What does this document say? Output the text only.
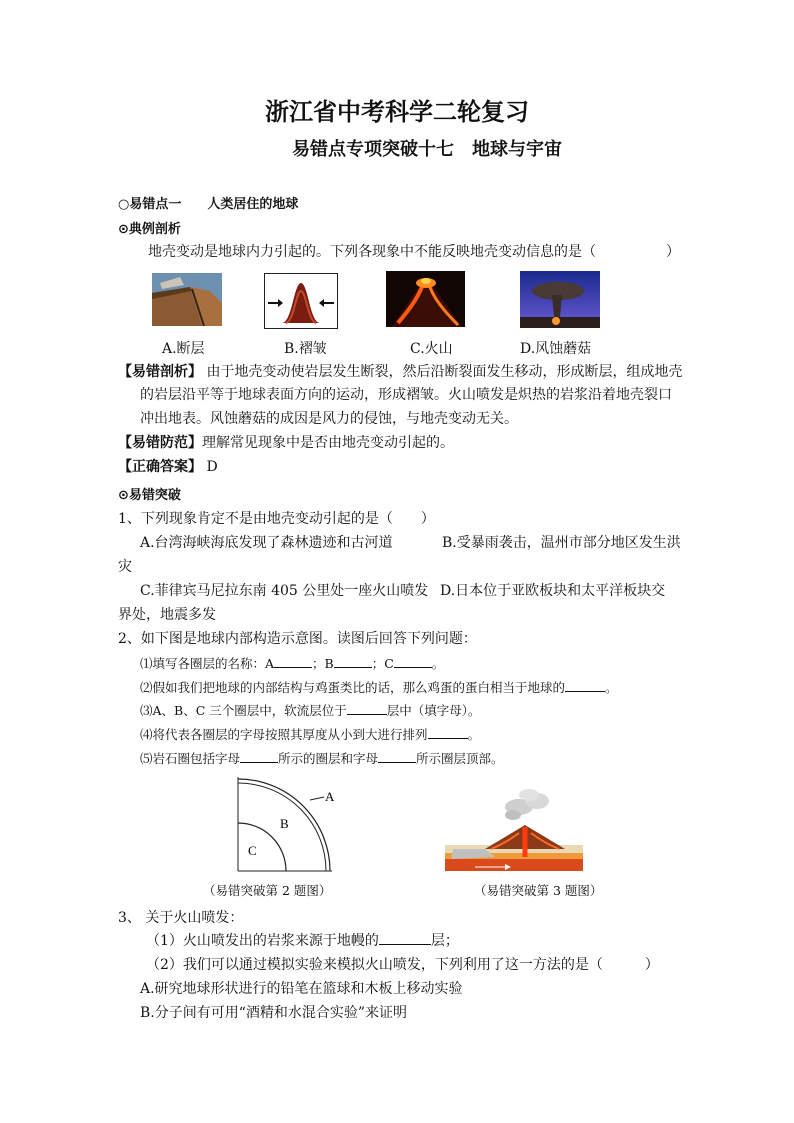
浙江省中考科学二轮复习
易错点专项突破十七　地球与宇宙
○易错点一　　人类居住的地球
⊙典例剖析
地壳变动是地球内力引起的。下列各现象中不能反映地壳变动信息的是（　　　　　）
A.断层	B.褶皱	C.火山	D.风蚀蘑菇
【易错剖析】 由于地壳变动使岩层发生断裂，然后沿断裂面发生移动，形成断层，组成地壳
的岩层沿平等于地球表面方向的运动，形成褶皱。火山喷发是炽热的岩浆沿着地壳裂口
冲出地表。风蚀蘑菇的成因是风力的侵蚀，与地壳变动无关。
【易错防范】理解常见现象中是否由地壳变动引起的。
【正确答案】 D
⊙易错突破
1、下列现象肯定不是由地壳变动引起的是（　　）
A.台湾海峡海底发现了森林遗迹和古河道	B.受暴雨袭击，温州市部分地区发生洪
灾
C.菲律宾马尼拉东南 405 公里处一座火山喷发 D.日本位于亚欧板块和太平洋板块交
界处，地震多发
2、如下图是地球内部构造示意图。读图后回答下列问题：
⑴填写各圈层的名称：A	；B	；C	。
⑵假如我们把地球的内部结构与鸡蛋类比的话，那么鸡蛋的蛋白相当于地球的	。
⑶A、B、C 三个圈层中，软流层位于	层中（填字母）。
⑷将代表各圈层的字母按照其厚度从小到大进行排列	。
⑸岩石圈包括字母	所示的圈层和字母	所示圈层顶部。
A
B
C
（易错突破第 2 题图）	（易错突破第 3 题图）
3、 关于火山喷发：
（1）火山喷发出的岩浆来源于地幔的	层；
（2）我们可以通过模拟实验来模拟火山喷发，下列利用了这一方法的是（　　　）
A.研究地球形状进行的铅笔在篮球和木板上移动实验
B.分子间有可用“酒精和水混合实验”来证明
